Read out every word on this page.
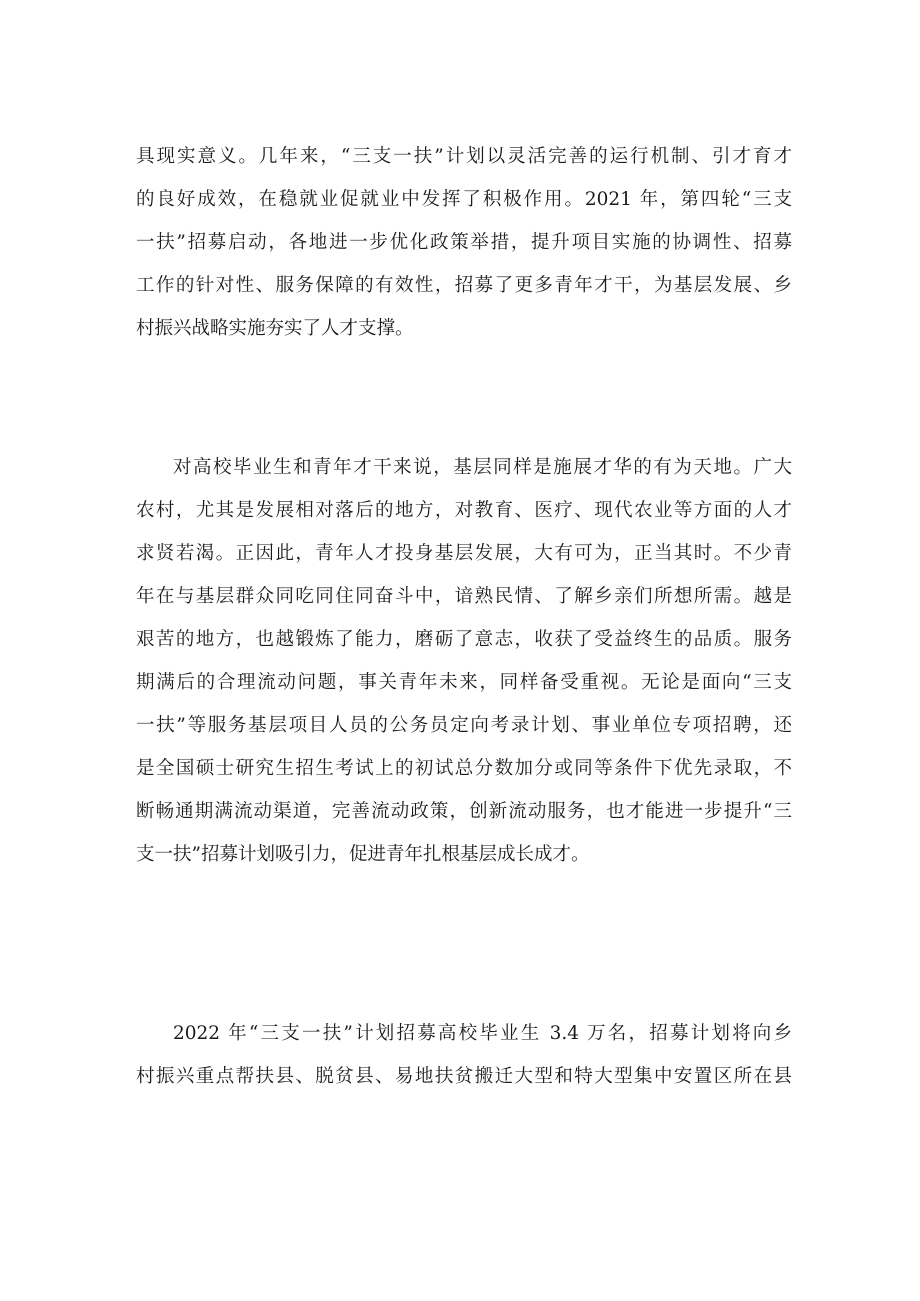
具现实意义。几年来，“三支一扶”计划以灵活完善的运行机制、引才育才
的良好成效，在稳就业促就业中发挥了积极作用。2021 年，第四轮“三支
一扶”招募启动，各地进一步优化政策举措，提升项目实施的协调性、招募
工作的针对性、服务保障的有效性，招募了更多青年才干，为基层发展、乡
村振兴战略实施夯实了人才支撑。
对高校毕业生和青年才干来说，基层同样是施展才华的有为天地。广大
农村，尤其是发展相对落后的地方，对教育、医疗、现代农业等方面的人才
求贤若渴。正因此，青年人才投身基层发展，大有可为，正当其时。不少青
年在与基层群众同吃同住同奋斗中，谙熟民情、了解乡亲们所想所需。越是
艰苦的地方，也越锻炼了能力，磨砺了意志，收获了受益终生的品质。服务
期满后的合理流动问题，事关青年未来，同样备受重视。无论是面向“三支
一扶”等服务基层项目人员的公务员定向考录计划、事业单位专项招聘，还
是全国硕士研究生招生考试上的初试总分数加分或同等条件下优先录取，不
断畅通期满流动渠道，完善流动政策，创新流动服务，也才能进一步提升“三
支一扶”招募计划吸引力，促进青年扎根基层成长成才。
2022 年“三支一扶”计划招募高校毕业生 3.4 万名，招募计划将向乡
村振兴重点帮扶县、脱贫县、易地扶贫搬迁大型和特大型集中安置区所在县
